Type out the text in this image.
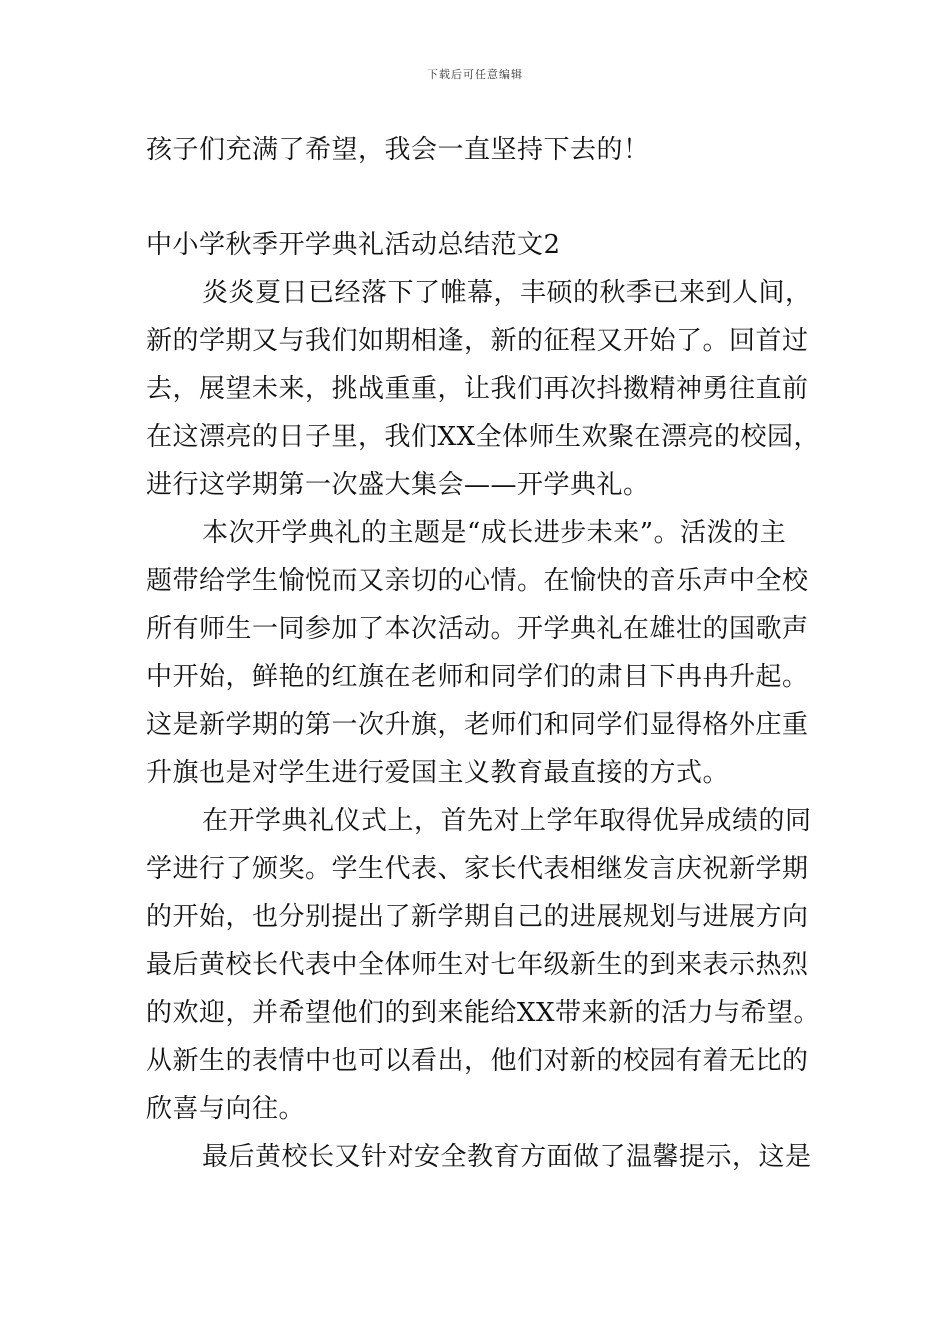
下载后可任意编辑
孩子们充满了希望，我会一直坚持下去的！
中小学秋季开学典礼活动总结范文2
炎炎夏日已经落下了帷幕，丰硕的秋季已来到人间，
新的学期又与我们如期相逢，新的征程又开始了。回首过
去，展望未来，挑战重重，让我们再次抖擞精神勇往直前
在这漂亮的日子里，我们XX全体师生欢聚在漂亮的校园，
进行这学期第一次盛大集会——开学典礼。
本次开学典礼的主题是“成长进步未来”。活泼的主
题带给学生愉悦而又亲切的心情。在愉快的音乐声中全校
所有师生一同参加了本次活动。开学典礼在雄壮的国歌声
中开始，鲜艳的红旗在老师和同学们的肃目下冉冉升起。
这是新学期的第一次升旗，老师们和同学们显得格外庄重
升旗也是对学生进行爱国主义教育最直接的方式。
在开学典礼仪式上，首先对上学年取得优异成绩的同
学进行了颁奖。学生代表、家长代表相继发言庆祝新学期
的开始，也分别提出了新学期自己的进展规划与进展方向
最后黄校长代表中全体师生对七年级新生的到来表示热烈
的欢迎，并希望他们的到来能给XX带来新的活力与希望。
从新生的表情中也可以看出，他们对新的校园有着无比的
欣喜与向往。
最后黄校长又针对安全教育方面做了温馨提示，这是
